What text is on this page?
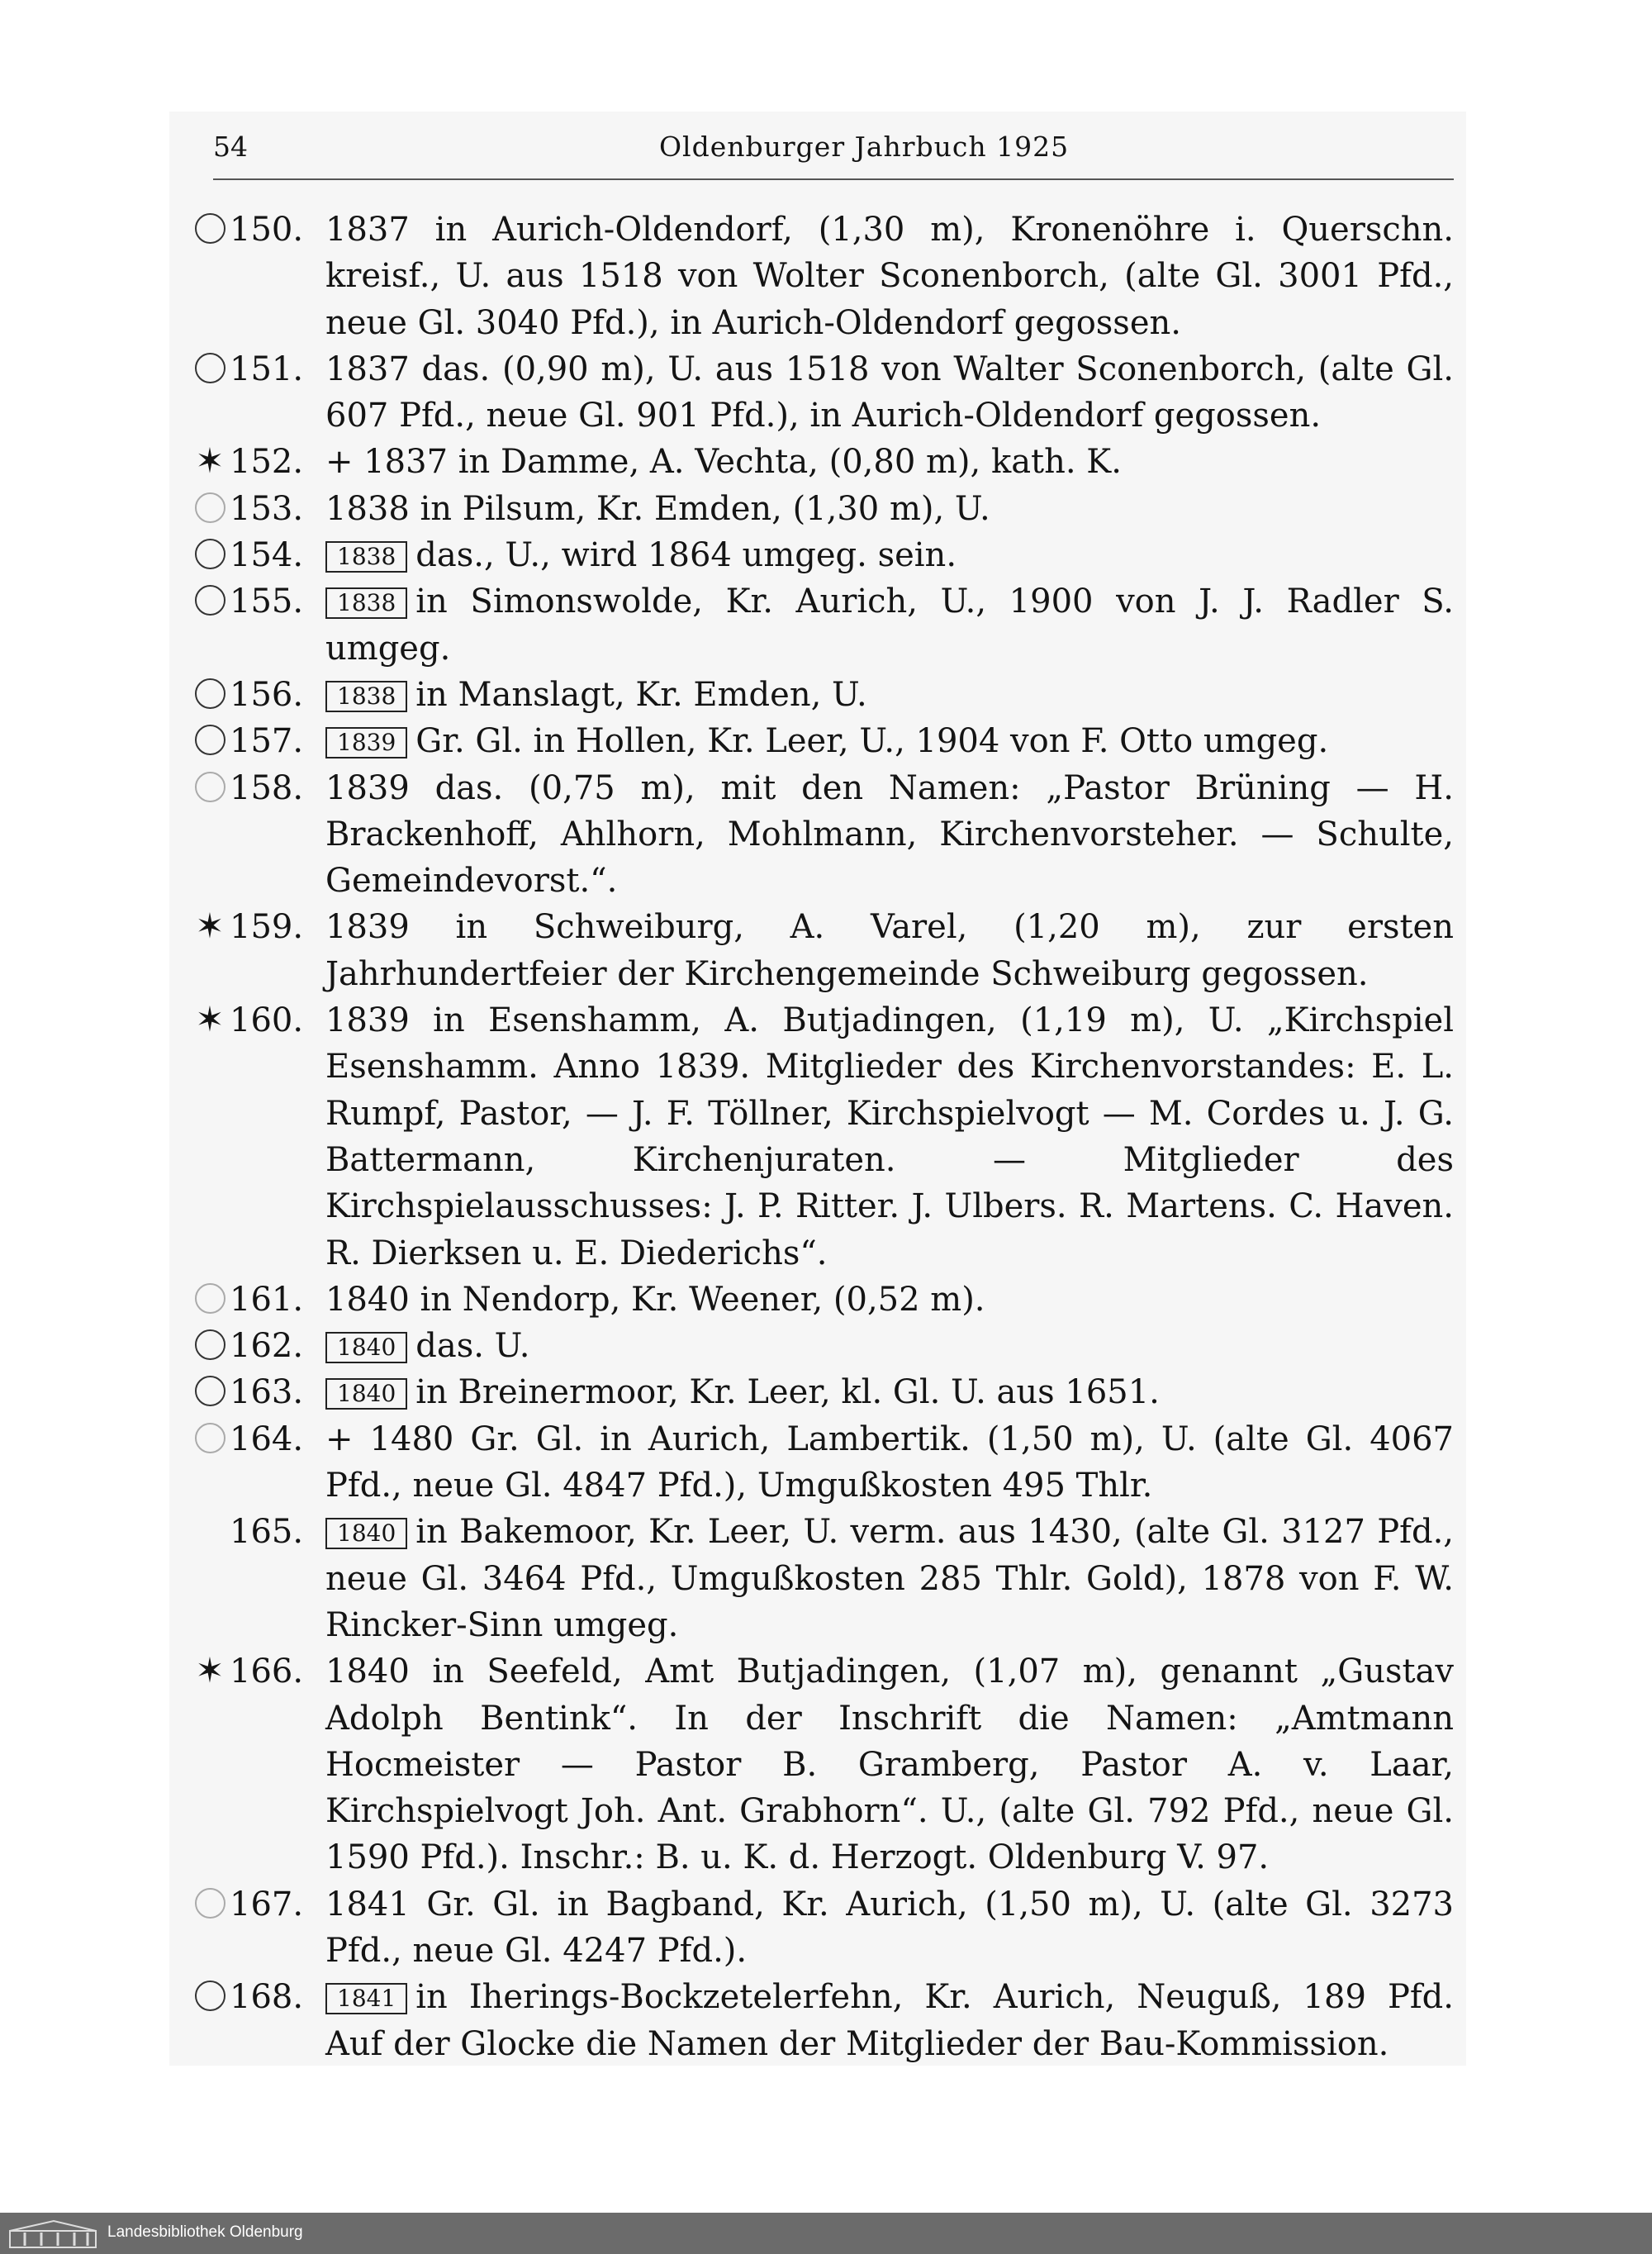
54	Oldenburger Jahrbuch 1925
150. 1837 in Aurich-Oldendorf, (1,30 m), Kronenöhre i. Querschn. kreisf., U. aus 1518 von Wolter Sconenborch, (alte Gl. 3001 Pfd., neue Gl. 3040 Pfd.), in Aurich-Oldendorf gegossen.
151. 1837 das. (0,90 m), U. aus 1518 von Walter Sconenborch, (alte Gl. 607 Pfd., neue Gl. 901 Pfd.), in Aurich-Oldendorf gegossen.
✶152. + 1837 in Damme, A. Vechta, (0,80 m), kath. K.
153. 1838 in Pilsum, Kr. Emden, (1,30 m), U.
154. 1838 das., U., wird 1864 umgeg. sein.
155. 1838 in Simonswolde, Kr. Aurich, U., 1900 von J. J. Radler S. umgeg.
156. 1838 in Manslagt, Kr. Emden, U.
157. 1839 Gr. Gl. in Hollen, Kr. Leer, U., 1904 von F. Otto umgeg.
158. 1839 das. (0,75 m), mit den Namen: „Pastor Brüning — H. Brackenhoff, Ahlhorn, Mohlmann, Kirchenvorsteher. — Schulte, Gemeindevorst.“.
✶159. 1839 in Schweiburg, A. Varel, (1,20 m), zur ersten Jahrhundertfeier der Kirchengemeinde Schweiburg gegossen.
✶160. 1839 in Esenshamm, A. Butjadingen, (1,19 m), U. „Kirchspiel Esenshamm. Anno 1839. Mitglieder des Kirchenvorstandes: E. L. Rumpf, Pastor, — J. F. Töllner, Kirchspielvogt — M. Cordes u. J. G. Battermann, Kirchenjuraten. — Mitglieder des Kirchspielausschusses: J. P. Ritter. J. Ulbers. R. Martens. C. Haven. R. Dierksen u. E. Diederichs“.
161. 1840 in Nendorp, Kr. Weener, (0,52 m).
162. 1840 das. U.
163. 1840 in Breinermoor, Kr. Leer, kl. Gl. U. aus 1651.
164. + 1480 Gr. Gl. in Aurich, Lambertik. (1,50 m), U. (alte Gl. 4067 Pfd., neue Gl. 4847 Pfd.), Umgußkosten 495 Thlr.
165. 1840 in Bakemoor, Kr. Leer, U. verm. aus 1430, (alte Gl. 3127 Pfd., neue Gl. 3464 Pfd., Umgußkosten 285 Thlr. Gold), 1878 von F. W. Rincker-Sinn umgeg.
✶166. 1840 in Seefeld, Amt Butjadingen, (1,07 m), genannt „Gustav Adolph Bentink“. In der Inschrift die Namen: „Amtmann Hocmeister — Pastor B. Gramberg, Pastor A. v. Laar, Kirchspielvogt Joh. Ant. Grabhorn“. U., (alte Gl. 792 Pfd., neue Gl. 1590 Pfd.). Inschr.: B. u. K. d. Herzogt. Oldenburg V. 97.
167. 1841 Gr. Gl. in Bagband, Kr. Aurich, (1,50 m), U. (alte Gl. 3273 Pfd., neue Gl. 4247 Pfd.).
168. 1841 in Iherings-Bockzetelerfehn, Kr. Aurich, Neuguß, 189 Pfd. Auf der Glocke die Namen der Mitglieder der Bau-Kommission.
Landesbibliothek Oldenburg
